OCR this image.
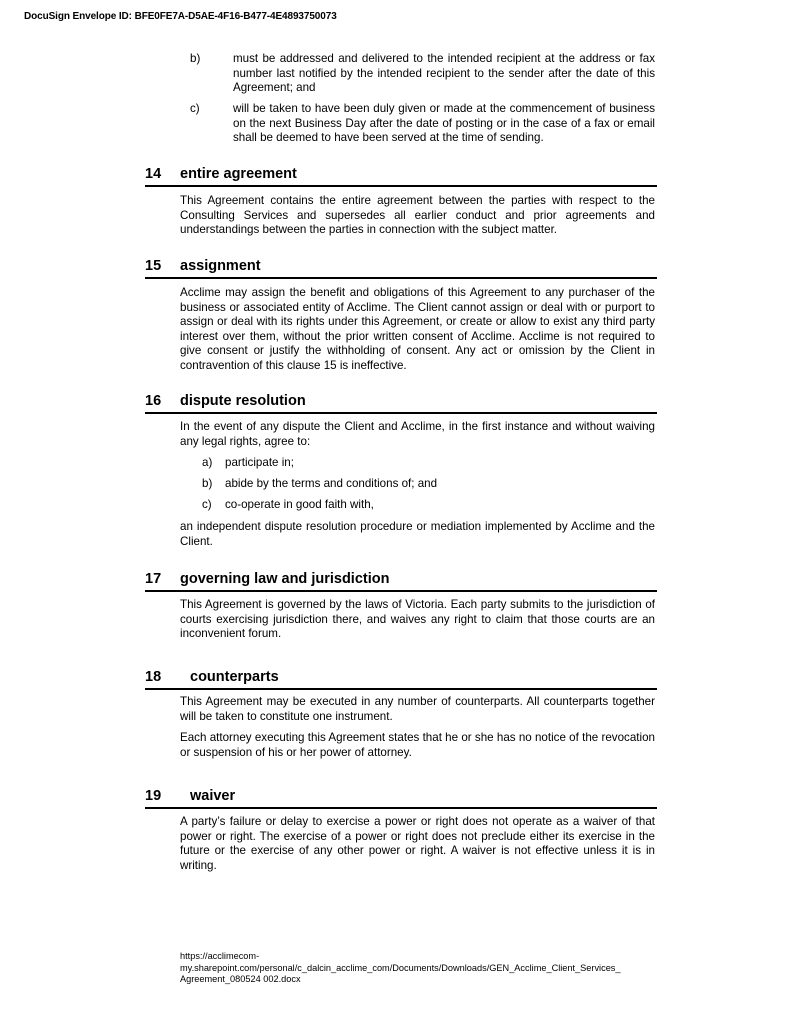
DocuSign Envelope ID: BFE0FE7A-D5AE-4F16-B477-4E4893750073
b)	must be addressed and delivered to the intended recipient at the address or fax number last notified by the intended recipient to the sender after the date of this Agreement; and

c)	will be taken to have been duly given or made at the commencement of business on the next Business Day after the date of posting or in the case of a fax or email shall be deemed to have been served at the time of sending.

14 entire agreement

This Agreement contains the entire agreement between the parties with respect to the Consulting Services and supersedes all earlier conduct and prior agreements and understandings between the parties in connection with the subject matter.

15 assignment

Acclime may assign the benefit and obligations of this Agreement to any purchaser of the business or associated entity of Acclime. The Client cannot assign or deal with or purport to assign or deal with its rights under this Agreement, or create or allow to exist any third party interest over them, without the prior written consent of Acclime. Acclime is not required to give consent or justify the withholding of consent. Any act or omission by the Client in contravention of this clause 15 is ineffective.

16 dispute resolution

In the event of any dispute the Client and Acclime, in the first instance and without waiving any legal rights, agree to:

a) participate in;
b) abide by the terms and conditions of; and
c) co-operate in good faith with,

an independent dispute resolution procedure or mediation implemented by Acclime and the Client.

17 governing law and jurisdiction

This Agreement is governed by the laws of Victoria. Each party submits to the jurisdiction of courts exercising jurisdiction there, and waives any right to claim that those courts are an inconvenient forum.

18 counterparts

This Agreement may be executed in any number of counterparts. All counterparts together will be taken to constitute one instrument.

Each attorney executing this Agreement states that he or she has no notice of the revocation or suspension of his or her power of attorney.

19 waiver

A party’s failure or delay to exercise a power or right does not operate as a waiver of that power or right. The exercise of a power or right does not preclude either its exercise in the future or the exercise of any other power or right. A waiver is not effective unless it is in writing.

https://acclimecom-
my.sharepoint.com/personal/c_dalcin_acclime_com/Documents/Downloads/GEN_Acclime_Client_Services_
Agreement_080524 002.docx
